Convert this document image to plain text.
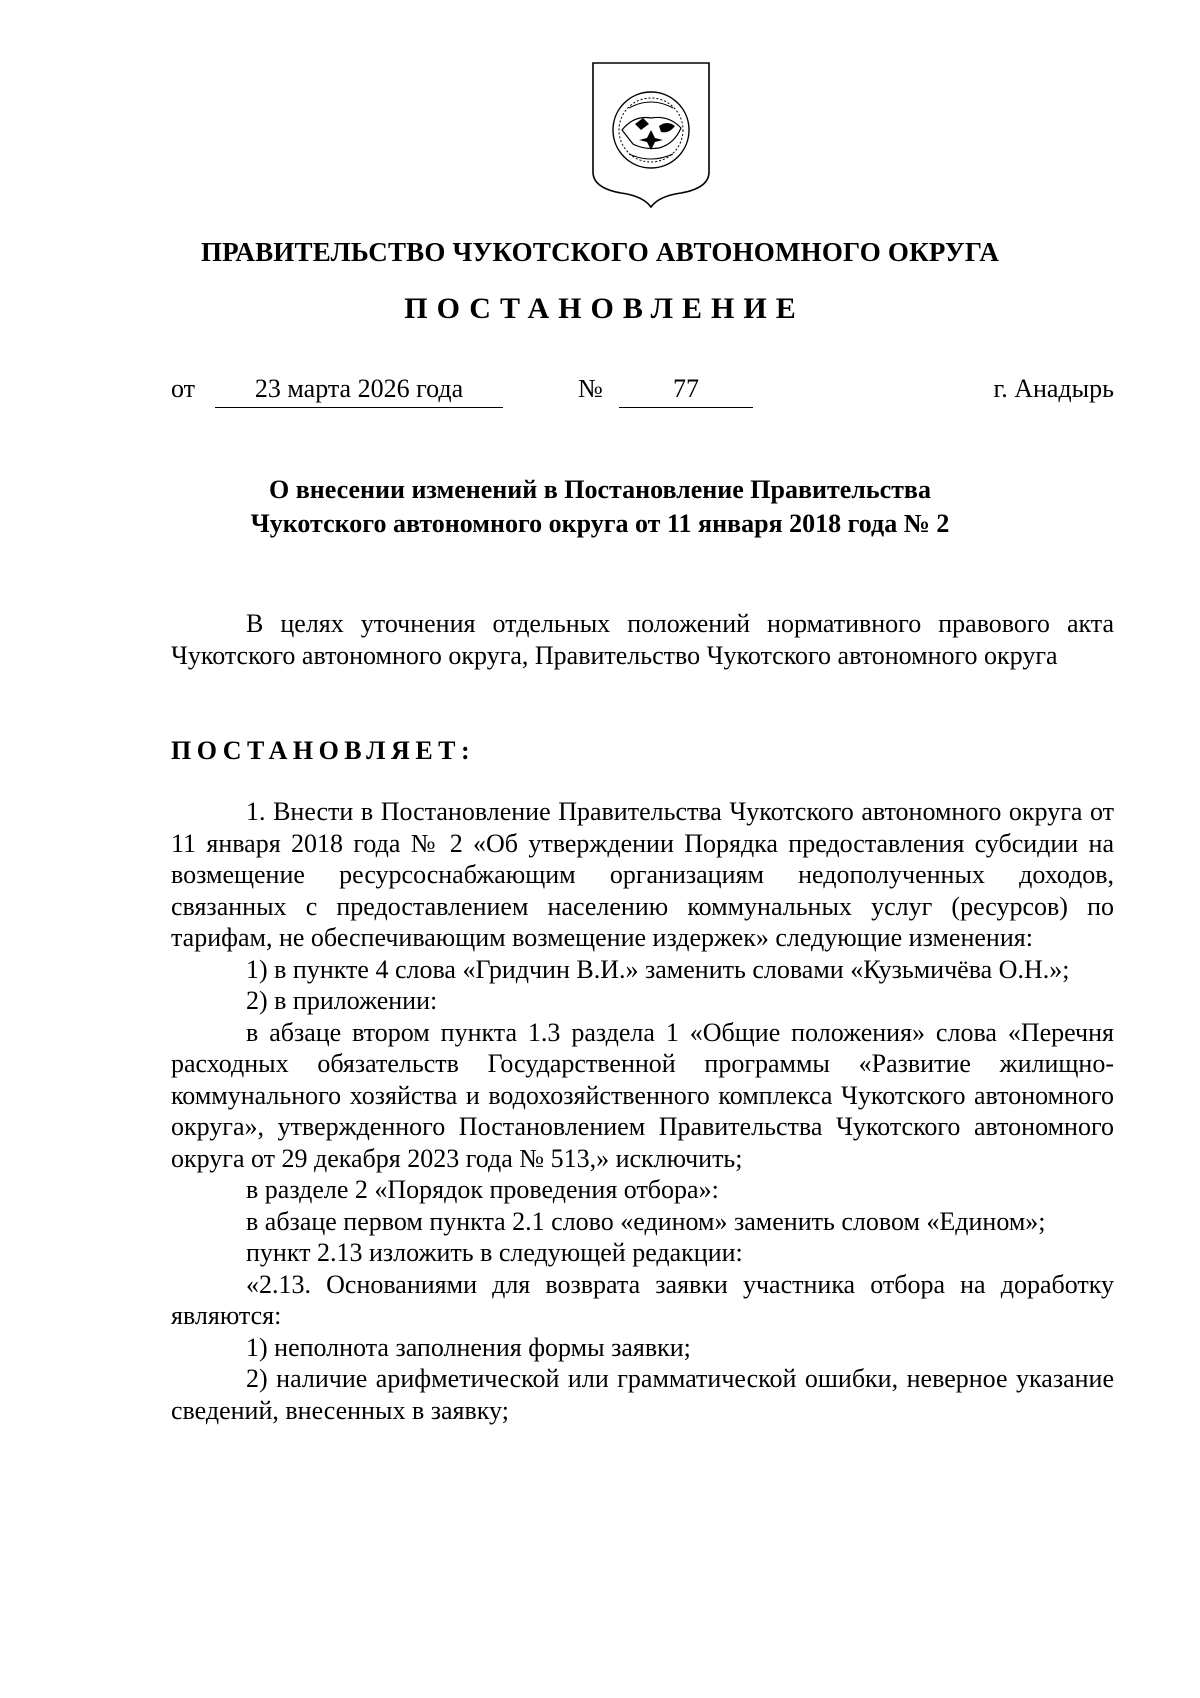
ПРАВИТЕЛЬСТВО ЧУКОТСКОГО АВТОНОМНОГО ОКРУГА
ПОСТАНОВЛЕНИЕ
от	23 марта 2026 года	№	77	г. Анадырь
О внесении изменений в Постановление Правительства
Чукотского автономного округа от 11 января 2018 года № 2

В целях уточнения отдельных положений нормативного правового акта Чукотского автономного округа, Правительство Чукотского автономного округа

ПОСТАНОВЛЯЕТ:

1. Внести в Постановление Правительства Чукотского автономного округа от 11 января 2018 года № 2 «Об утверждении Порядка предоставления субсидии на возмещение ресурсоснабжающим организациям недополученных доходов, связанных с предоставлением населению коммунальных услуг (ресурсов) по тарифам, не обеспечивающим возмещение издержек» следующие изменения:

1) в пункте 4 слова «Гридчин В.И.» заменить словами «Кузьмичёва О.Н.»;

2) в приложении:

в абзаце втором пункта 1.3 раздела 1 «Общие положения» слова «Перечня расходных обязательств Государственной программы «Развитие жилищно-коммунального хозяйства и водохозяйственного комплекса Чукотского автономного округа», утвержденного Постановлением Правительства Чукотского автономного округа от 29 декабря 2023 года № 513,» исключить;

в разделе 2 «Порядок проведения отбора»:

в абзаце первом пункта 2.1 слово «едином» заменить словом «Едином»;

пункт 2.13 изложить в следующей редакции:

«2.13. Основаниями для возврата заявки участника отбора на доработку являются:

1) неполнота заполнения формы заявки;

2) наличие арифметической или грамматической ошибки, неверное указание сведений, внесенных в заявку;
